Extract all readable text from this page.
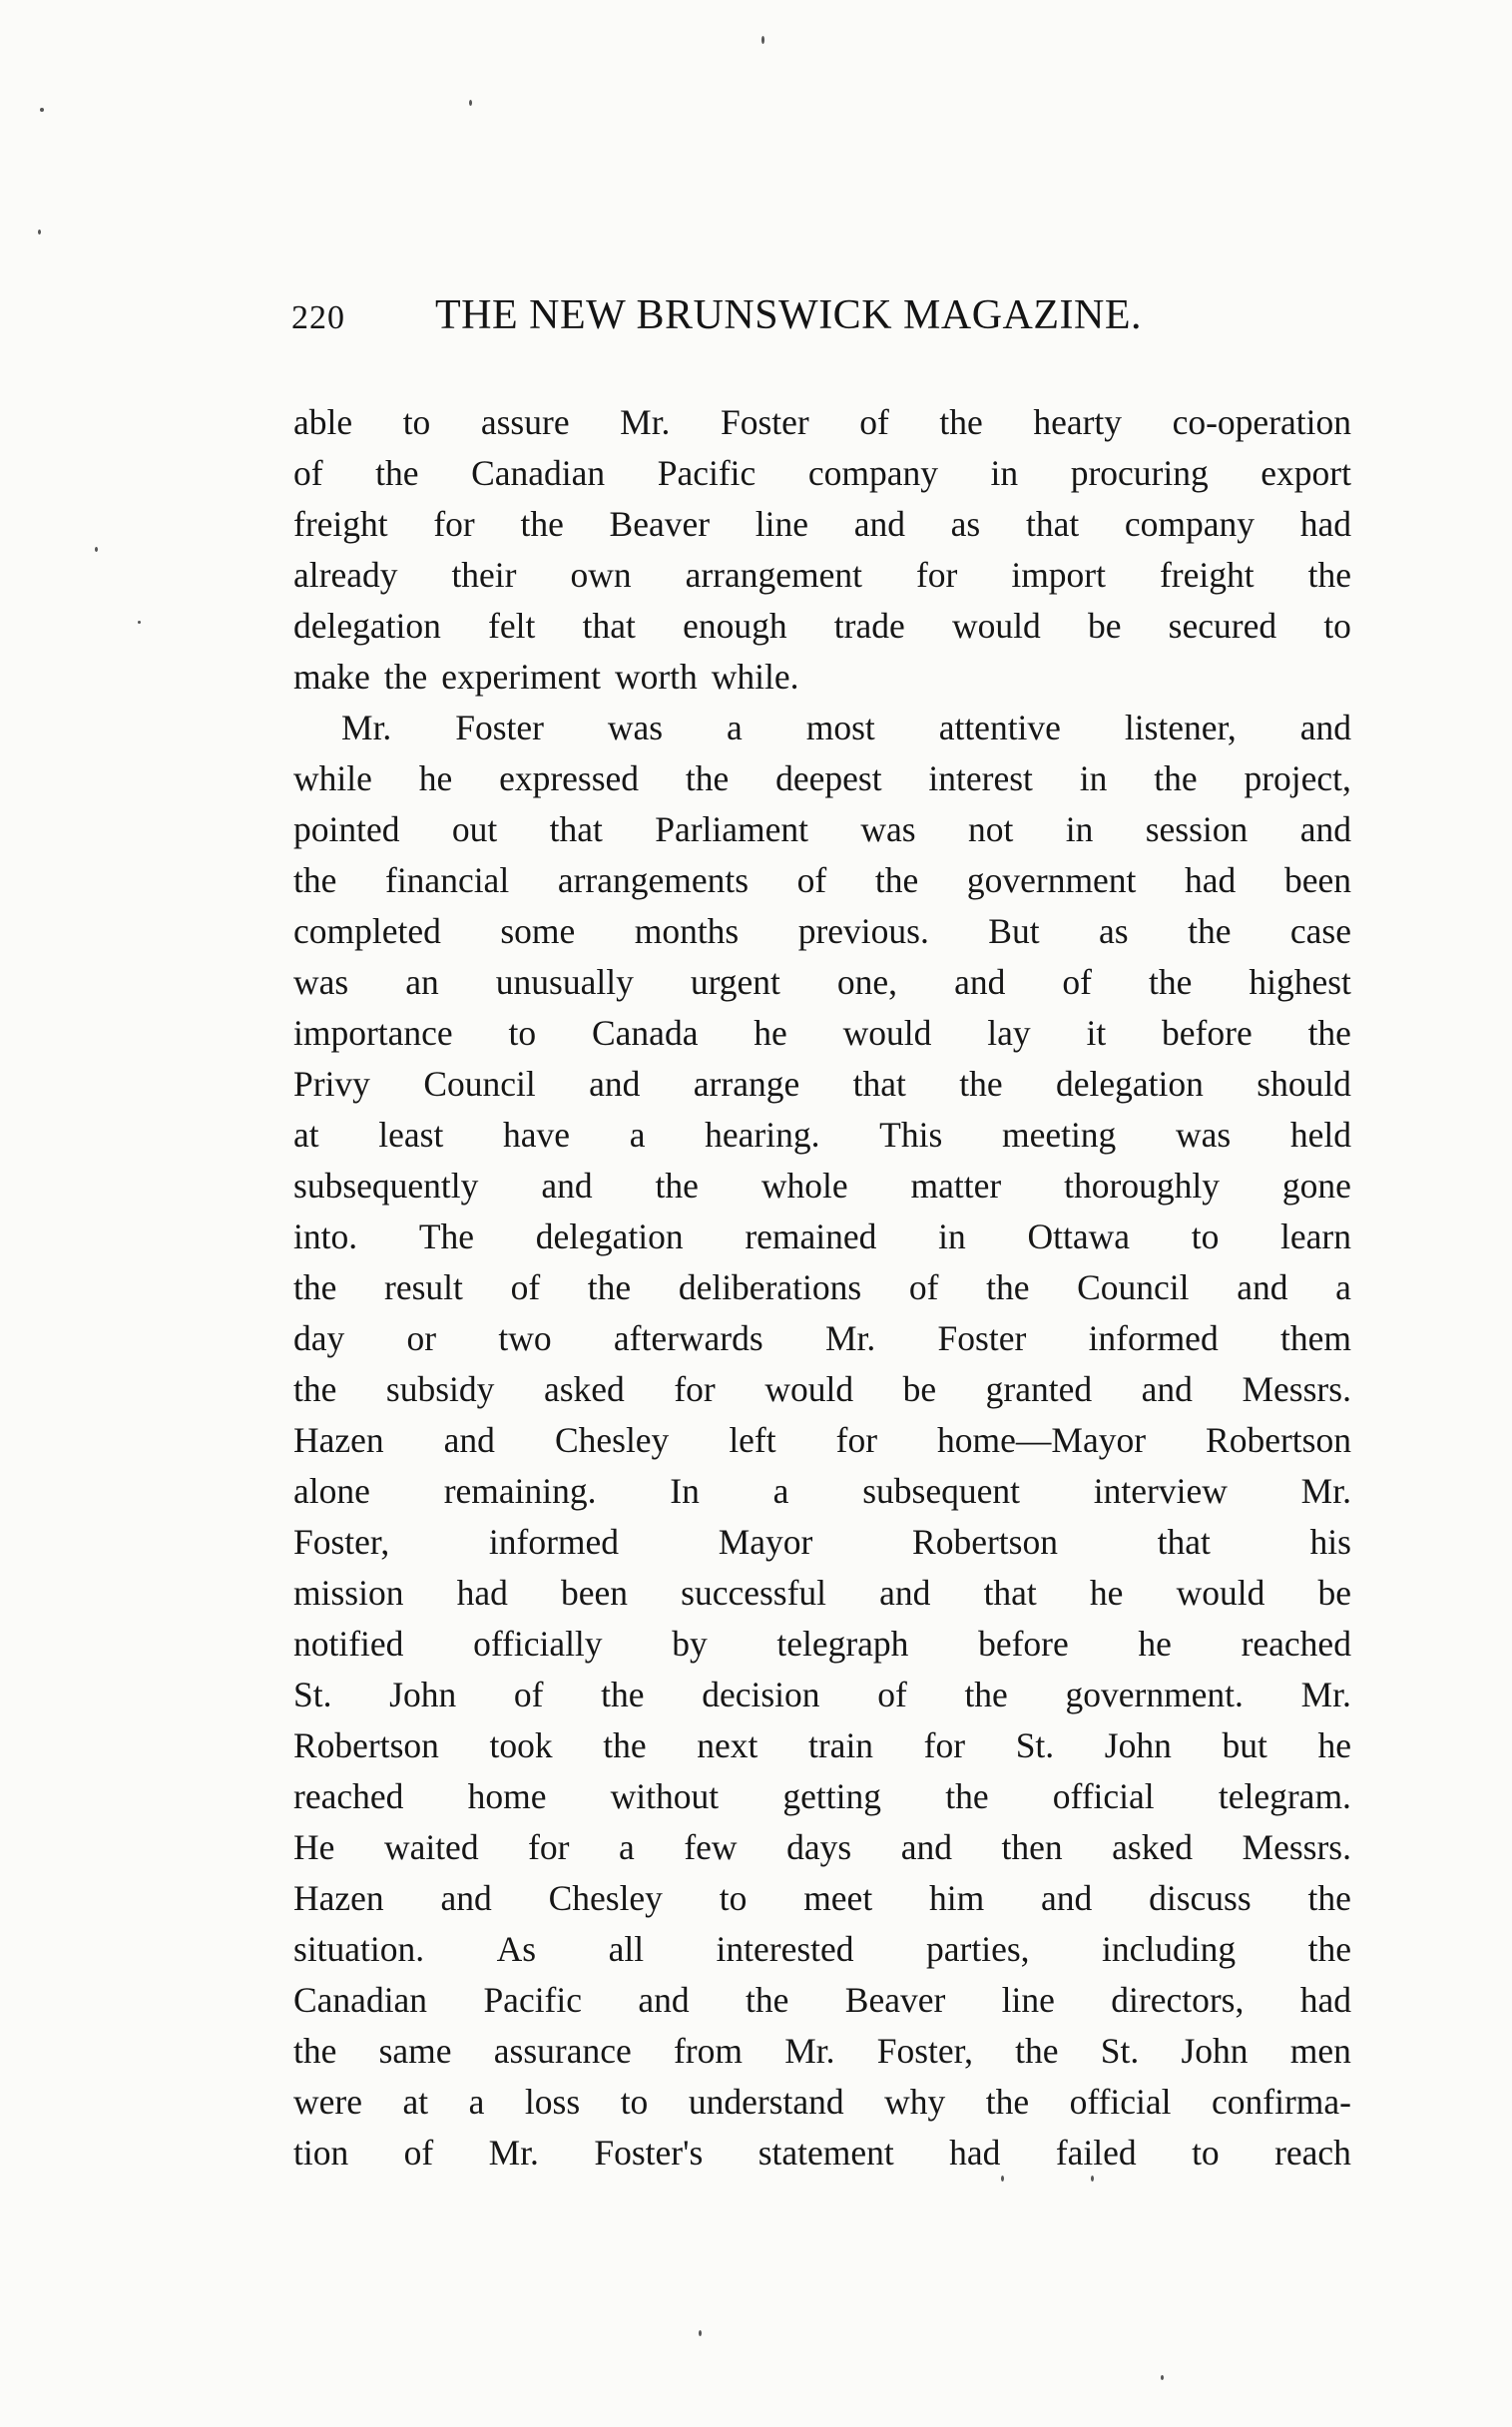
220 THE NEW BRUNSWICK MAGAZINE.
able to assure Mr. Foster of the hearty co-operation
of the Canadian Pacific company in procuring export
freight for the Beaver line and as that company had
already their own arrangement for import freight the
delegation felt that enough trade would be secured to
make the experiment worth while.
Mr. Foster was a most attentive listener, and
while he expressed the deepest interest in the project,
pointed out that Parliament was not in session and
the financial arrangements of the government had been
completed some months previous. But as the case
was an unusually urgent one, and of the highest
importance to Canada he would lay it before the
Privy Council and arrange that the delegation should
at least have a hearing. This meeting was held
subsequently and the whole matter thoroughly gone
into. The delegation remained in Ottawa to learn
the result of the deliberations of the Council and a
day or two afterwards Mr. Foster informed them
the subsidy asked for would be granted and Messrs.
Hazen and Chesley left for home—Mayor Robertson
alone remaining. In a subsequent interview Mr.
Foster,	informed	Mayor	Robertson	that	his
mission had been successful and that he would be
notified officially by telegraph before he reached
St. John of the decision of the government. Mr.
Robertson took the next train for St. John but he
reached home without getting the official telegram.
He waited for a few days and then asked Messrs.
Hazen and Chesley to meet him and discuss the
situation. As all interested parties, including the
Canadian Pacific and the Beaver line directors, had
the same assurance from Mr. Foster, the St. John men
were at a loss to understand why the official confirma-
tion of Mr. Foster's statement had failed to reach
